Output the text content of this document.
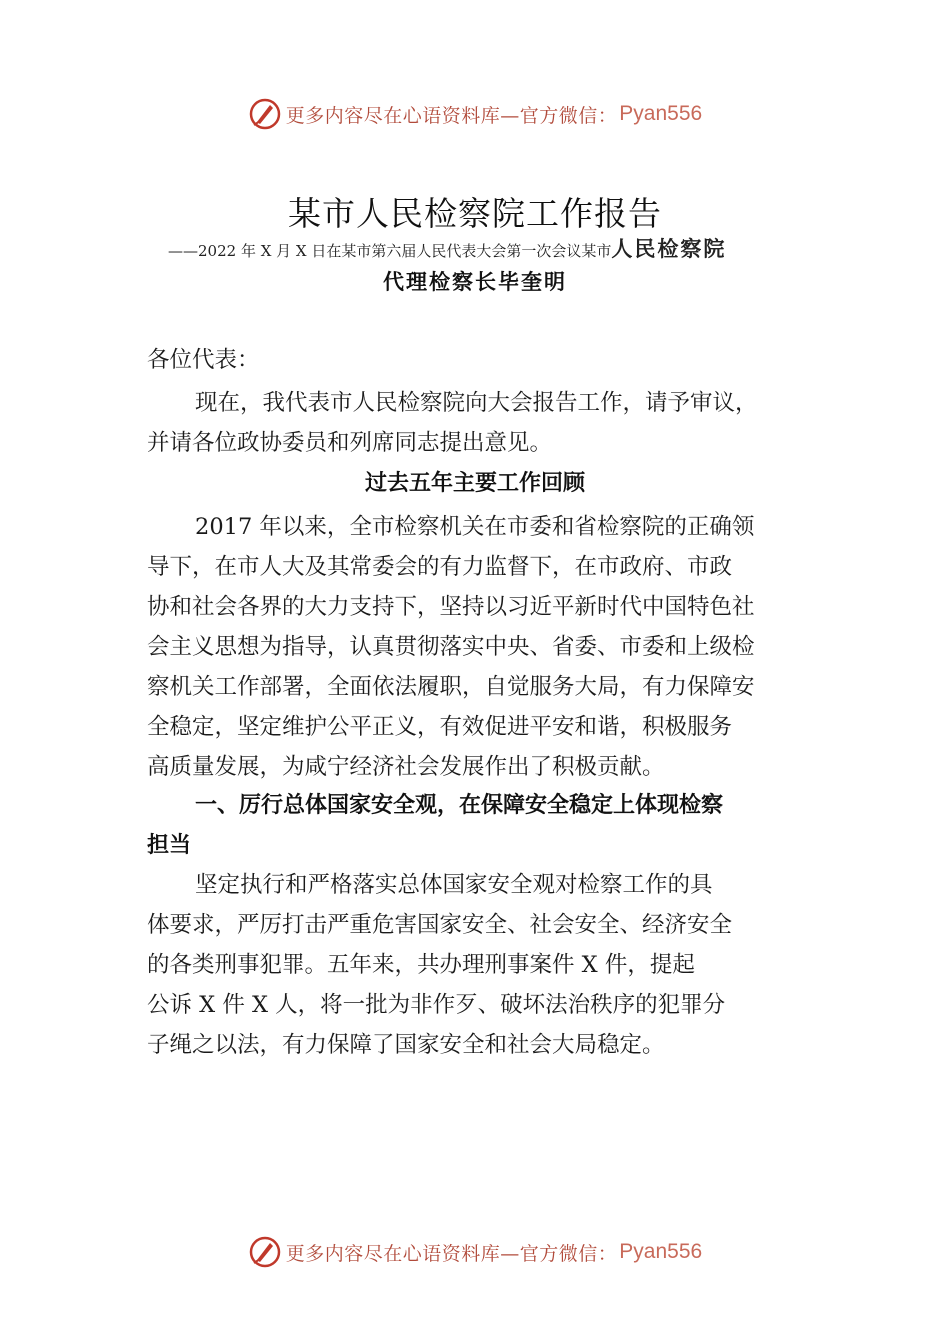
更多内容尽在心语资料库—官方微信： Pyan556
某市人民检察院工作报告
——2022 年 X 月 X 日在某市第六届人民代表大会第一次会议某市人民检察院
代理检察长毕奎明
各位代表：
现在，我代表市人民检察院向大会报告工作，请予审议，
并请各位政协委员和列席同志提出意见。
过去五年主要工作回顾
2017 年以来，全市检察机关在市委和省检察院的正确领
导下，在市人大及其常委会的有力监督下，在市政府、市政
协和社会各界的大力支持下，坚持以习近平新时代中国特色社
会主义思想为指导，认真贯彻落实中央、省委、市委和上级检
察机关工作部署，全面依法履职，自觉服务大局，有力保障安
全稳定，坚定维护公平正义，有效促进平安和谐，积极服务
高质量发展，为咸宁经济社会发展作出了积极贡献。
一、厉行总体国家安全观，在保障安全稳定上体现检察
担当
坚定执行和严格落实总体国家安全观对检察工作的具
体要求，严厉打击严重危害国家安全、社会安全、经济安全
的各类刑事犯罪。五年来，共办理刑事案件 X 件，提起
公诉 X 件 X 人，将一批为非作歹、破坏法治秩序的犯罪分
子绳之以法，有力保障了国家安全和社会大局稳定。
更多内容尽在心语资料库—官方微信： Pyan556
